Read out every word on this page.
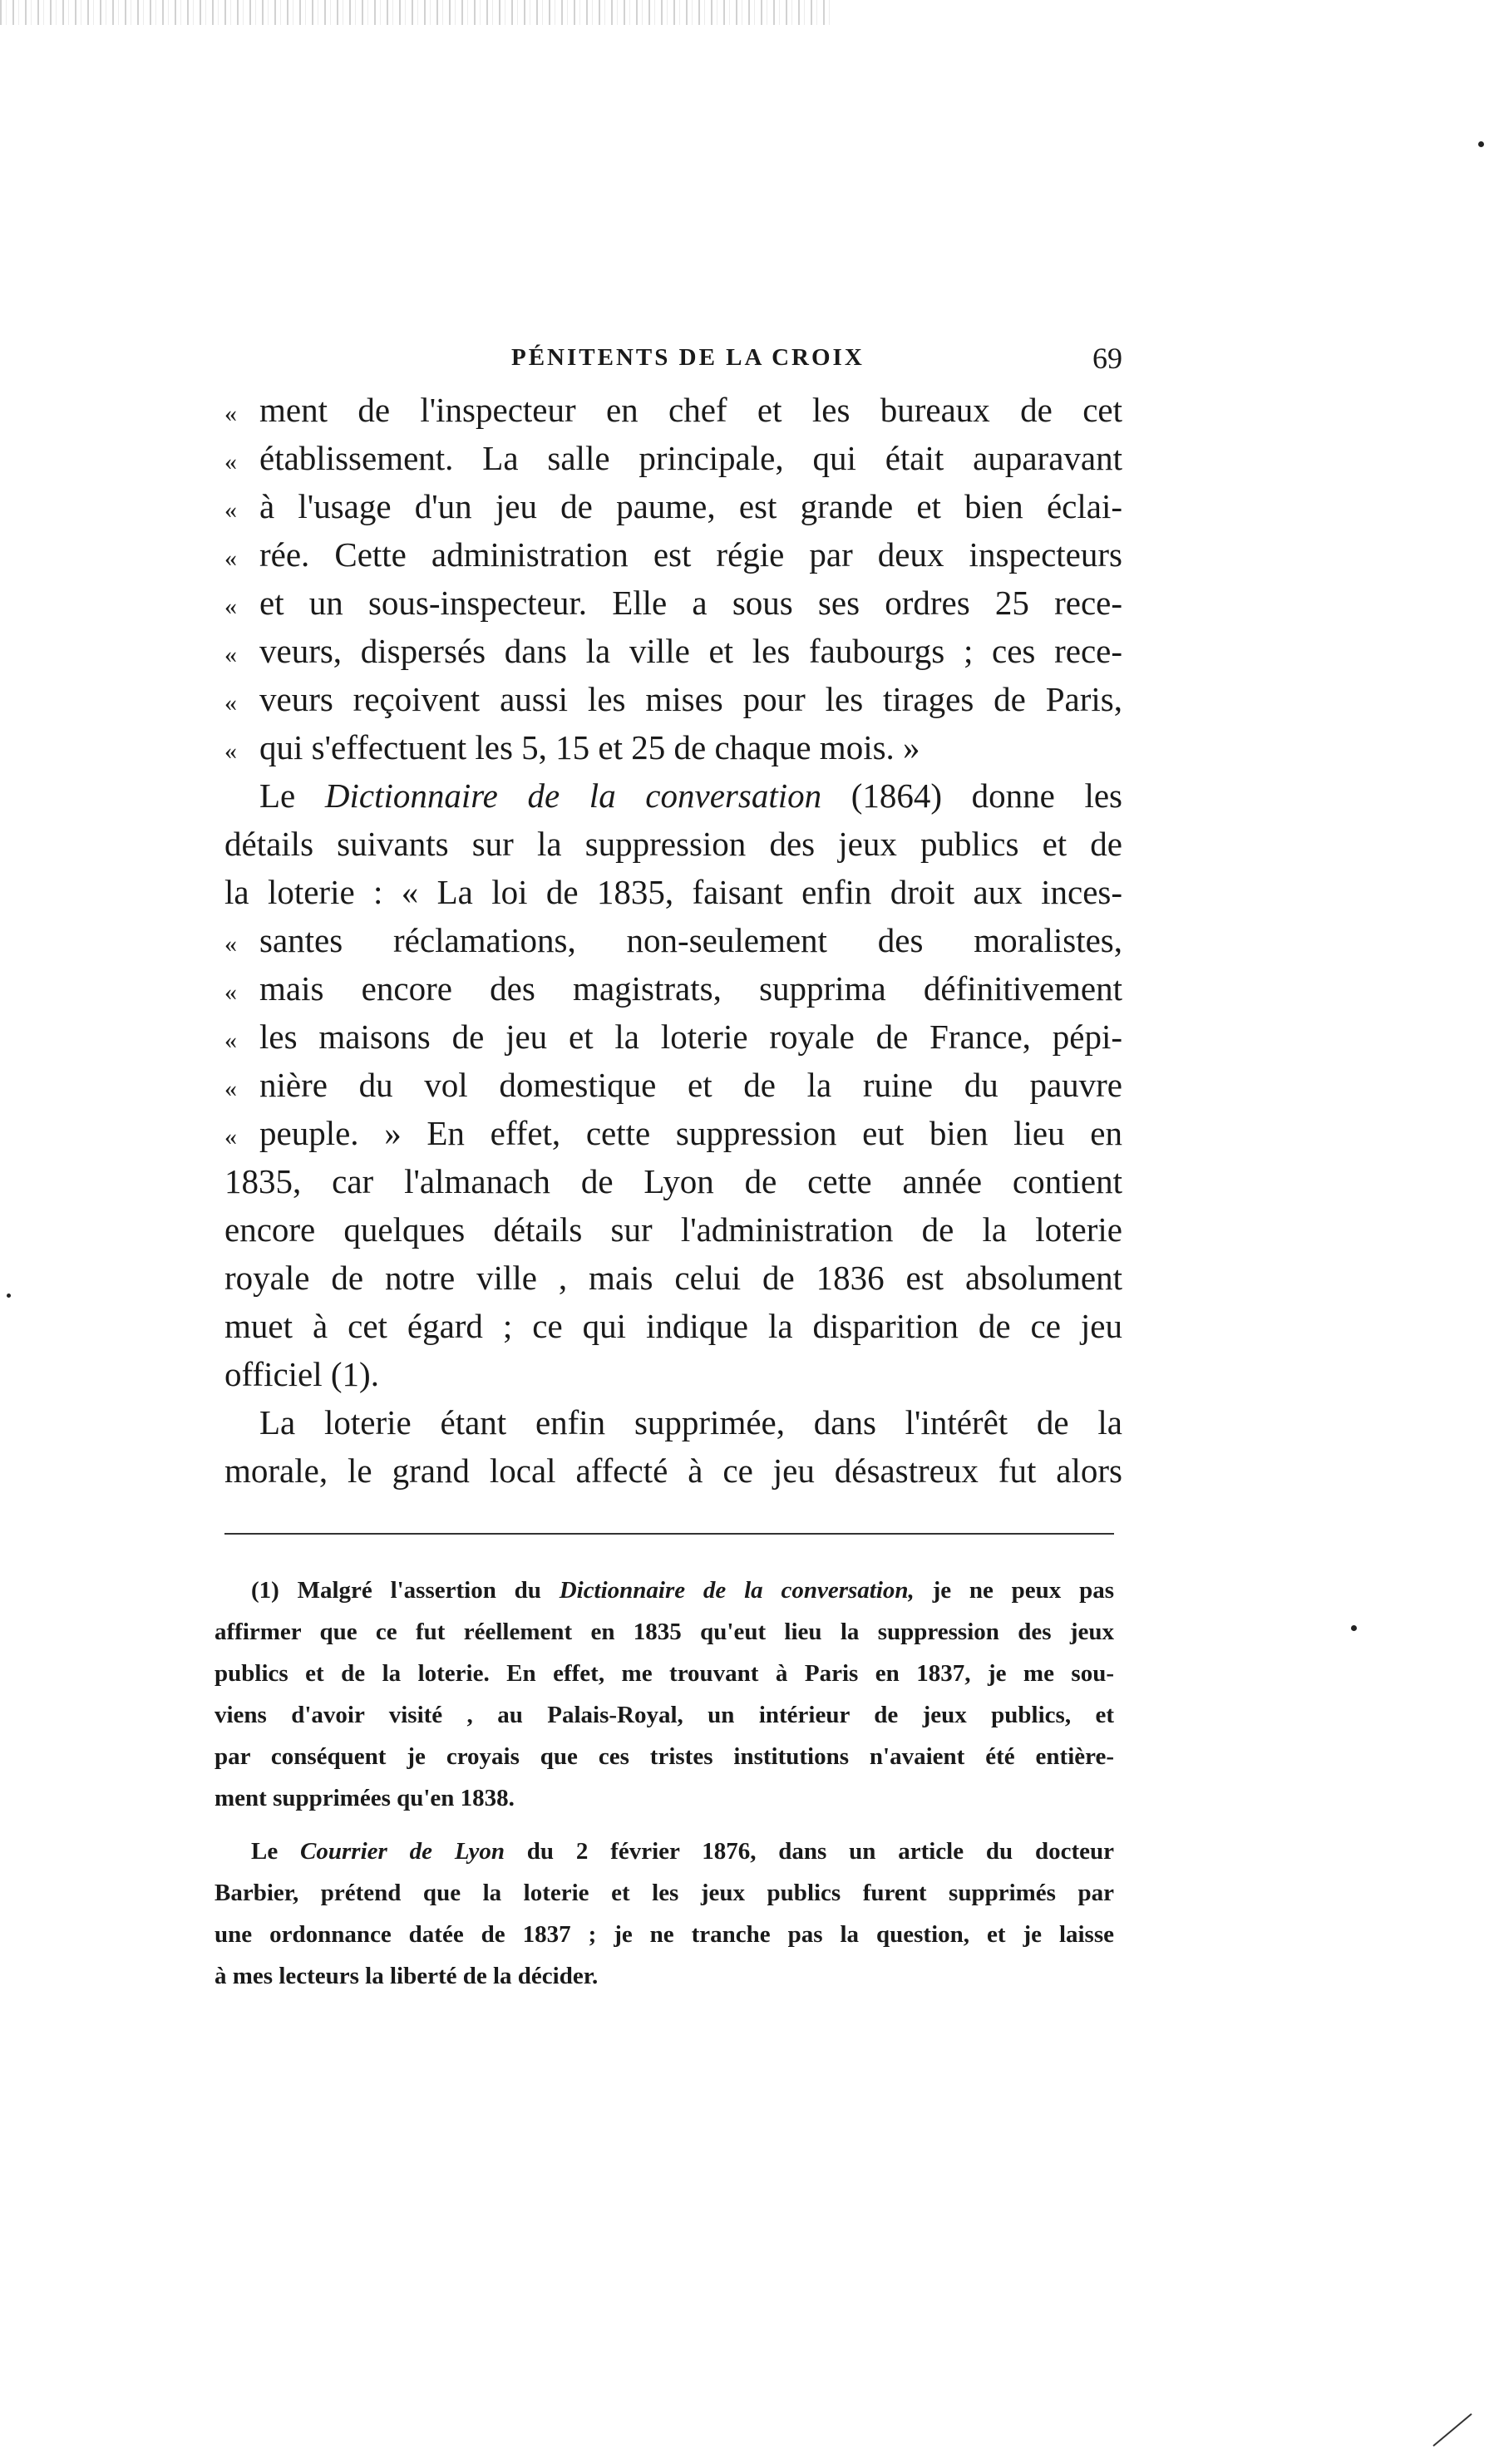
PÉNITENTS DE LA CROIX	69
« ment de l'inspecteur en chef et les bureaux de cet
« établissement. La salle principale, qui était auparavant
« à l'usage d'un jeu de paume, est grande et bien éclai-
« rée. Cette administration est régie par deux inspecteurs
« et un sous-inspecteur. Elle a sous ses ordres 25 rece-
« veurs, dispersés dans la ville et les faubourgs ; ces rece-
« veurs reçoivent aussi les mises pour les tirages de Paris,
« qui s'effectuent les 5, 15 et 25 de chaque mois. »
Le Dictionnaire de la conversation (1864) donne les
détails suivants sur la suppression des jeux publics et de
la loterie : « La loi de 1835, faisant enfin droit aux inces-
« santes réclamations, non-seulement des moralistes,
« mais encore des magistrats, supprima définitivement
« les maisons de jeu et la loterie royale de France, pépi-
« nière du vol domestique et de la ruine du pauvre
« peuple. » En effet, cette suppression eut bien lieu en
1835, car l'almanach de Lyon de cette année contient
encore quelques détails sur l'administration de la loterie
royale de notre ville , mais celui de 1836 est absolument
muet à cet égard ; ce qui indique la disparition de ce jeu
officiel (1).
La loterie étant enfin supprimée, dans l'intérêt de la
morale, le grand local affecté à ce jeu désastreux fut alors
(1) Malgré l'assertion du Dictionnaire de la conversation, je ne peux pas
affirmer que ce fut réellement en 1835 qu'eut lieu la suppression des jeux
publics et de la loterie. En effet, me trouvant à Paris en 1837, je me sou-
viens d'avoir visité , au Palais-Royal, un intérieur de jeux publics, et
par conséquent je croyais que ces tristes institutions n'avaient été entière-
ment supprimées qu'en 1838.
Le Courrier de Lyon du 2 février 1876, dans un article du docteur
Barbier, prétend que la loterie et les jeux publics furent supprimés par
une ordonnance datée de 1837 ; je ne tranche pas la question, et je laisse
à mes lecteurs la liberté de la décider.
